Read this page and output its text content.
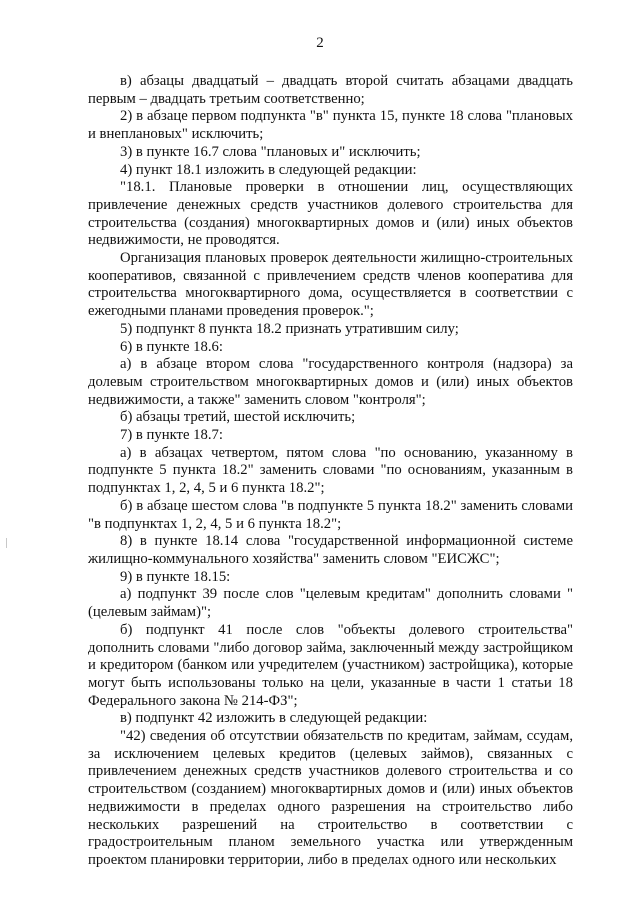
2

в) абзацы двадцатый – двадцать второй считать абзацами двадцать первым – двадцать третьим соответственно;

2) в абзаце первом подпункта "в" пункта 15, пункте 18 слова "плановых и внеплановых" исключить;

3) в пункте 16.7 слова "плановых и" исключить;

4) пункт 18.1 изложить в следующей редакции:

"18.1. Плановые проверки в отношении лиц, осуществляющих привлечение денежных средств участников долевого строительства для строительства (создания) многоквартирных домов и (или) иных объектов недвижимости, не проводятся.

Организация плановых проверок деятельности жилищно-строительных кооперативов, связанной с привлечением средств членов кооператива для строительства многоквартирного дома, осуществляется в соответствии с ежегодными планами проведения проверок.";

5) подпункт 8 пункта 18.2 признать утратившим силу;

6) в пункте 18.6:

а) в абзаце втором слова "государственного контроля (надзора) за долевым строительством многоквартирных домов и (или) иных объектов недвижимости, а также" заменить словом "контроля";

б) абзацы третий, шестой исключить;

7) в пункте 18.7:

а) в абзацах четвертом, пятом слова "по основанию, указанному в подпункте 5 пункта 18.2" заменить словами "по основаниям, указанным в подпунктах 1, 2, 4, 5 и 6 пункта 18.2";

б) в абзаце шестом слова "в подпункте 5 пункта 18.2" заменить словами "в подпунктах 1, 2, 4, 5 и 6 пункта 18.2";

8) в пункте 18.14 слова "государственной информационной системе жилищно-коммунального хозяйства" заменить словом "ЕИСЖС";

9) в пункте 18.15:

а) подпункт 39 после слов "целевым кредитам" дополнить словами "(целевым займам)";

б) подпункт 41 после слов "объекты долевого строительства" дополнить словами "либо договор займа, заключенный между застройщиком и кредитором (банком или учредителем (участником) застройщика), которые могут быть использованы только на цели, указанные в части 1 статьи 18 Федерального закона № 214-ФЗ";

в) подпункт 42 изложить в следующей редакции:

"42) сведения об отсутствии обязательств по кредитам, займам, ссудам, за исключением целевых кредитов (целевых займов), связанных с привлечением денежных средств участников долевого строительства и со строительством (созданием) многоквартирных домов и (или) иных объектов недвижимости в пределах одного разрешения на строительство либо нескольких разрешений на строительство в соответствии с градостроительным планом земельного участка или утвержденным проектом планировки территории, либо в пределах одного или нескольких
